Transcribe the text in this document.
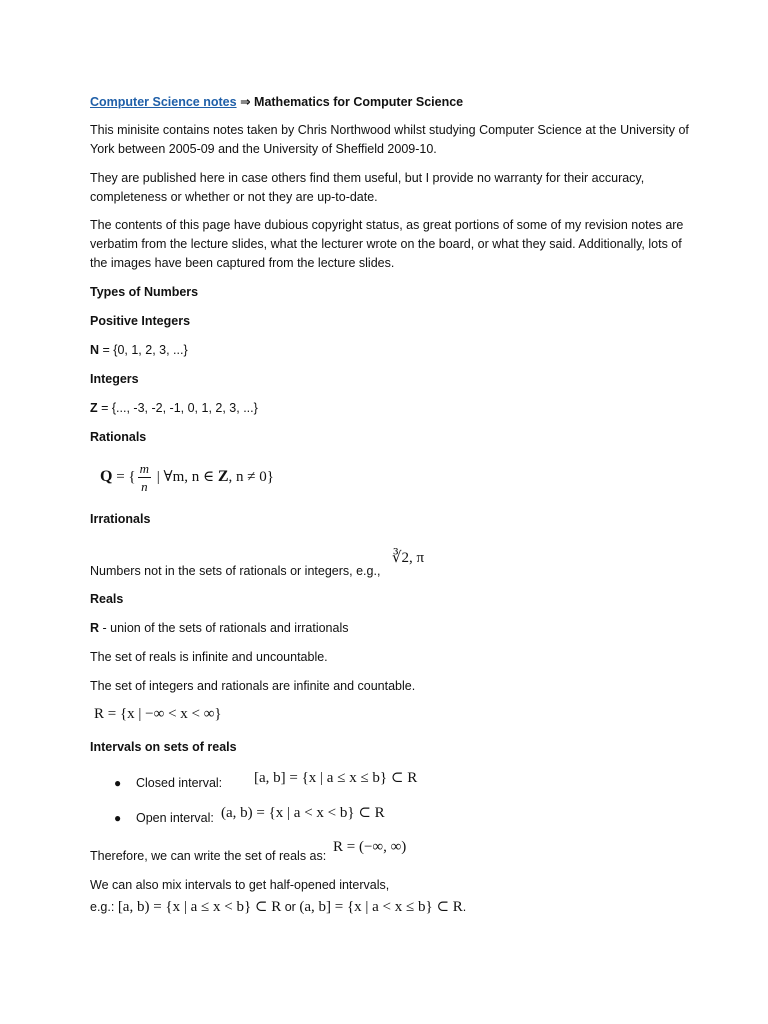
Computer Science notes ⇒ Mathematics for Computer Science
This minisite contains notes taken by Chris Northwood whilst studying Computer Science at the University of York between 2005-09 and the University of Sheffield 2009-10.
They are published here in case others find them useful, but I provide no warranty for their accuracy, completeness or whether or not they are up-to-date.
The contents of this page have dubious copyright status, as great portions of some of my revision notes are verbatim from the lecture slides, what the lecturer wrote on the board, or what they said. Additionally, lots of the images have been captured from the lecture slides.
Types of Numbers
Positive Integers
N = {0, 1, 2, 3, ...}
Integers
Z = {..., -3, -2, -1, 0, 1, 2, 3, ...}
Rationals
Q = { $\frac{m}{n}$ | ∀m, n ∈ Z, n ≠ 0}
Irrationals
Numbers not in the sets of rationals or integers, e.g.,
∛2, π
Reals
R - union of the sets of rationals and irrationals
The set of reals is infinite and uncountable.
The set of integers and rationals are infinite and countable.
R = {x | −∞ < x < ∞}
Intervals on sets of reals
● Closed interval: [a, b] = {x | a ≤ x ≤ b} ⊂ R
● Open interval: (a, b) = {x | a < x < b} ⊂ R
Therefore, we can write the set of reals as:
R = (−∞, ∞)
We can also mix intervals to get half-opened intervals,
e.g.: [a, b) = {x | a ≤ x < b} ⊂ R or (a, b] = {x | a < x ≤ b} ⊂ R.
